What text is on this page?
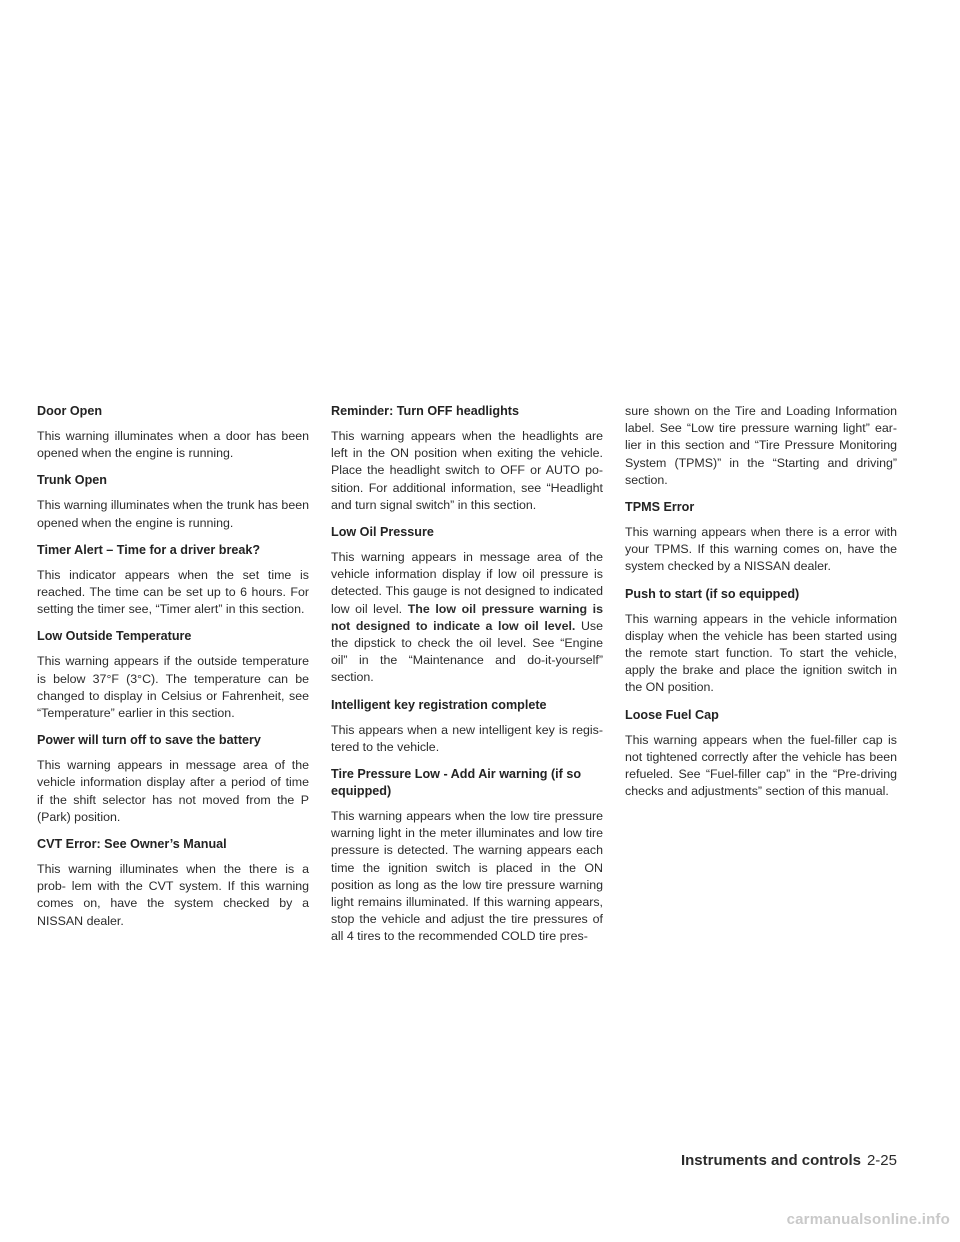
Door Open

This warning illuminates when a door has been opened when the engine is running.

Trunk Open

This warning illuminates when the trunk has been opened when the engine is running.

Timer Alert – Time for a driver break?

This indicator appears when the set time is reached. The time can be set up to 6 hours. For setting the timer see, “Timer alert” in this section.

Low Outside Temperature

This warning appears if the outside temperature is below 37°F (3°C). The temperature can be changed to display in Celsius or Fahrenheit, see “Temperature” earlier in this section.

Power will turn off to save the battery

This warning appears in message area of the vehicle information display after a period of time if the shift selector has not moved from the P (Park) position.

CVT Error: See Owner’s Manual

This warning illuminates when the there is a prob- lem with the CVT system. If this warning comes on, have the system checked by a NISSAN dealer.

Reminder: Turn OFF headlights

This warning appears when the headlights are left in the ON position when exiting the vehicle. Place the headlight switch to OFF or AUTO po- sition. For additional information, see “Headlight and turn signal switch” in this section.

Low Oil Pressure

This warning appears in message area of the vehicle information display if low oil pressure is detected. This gauge is not designed to indicated low oil level. The low oil pressure warning is not designed to indicate a low oil level. Use the dipstick to check the oil level. See “Engine oil” in the “Maintenance and do-it-yourself” section.

Intelligent key registration complete

This appears when a new intelligent key is regis- tered to the vehicle.

Tire Pressure Low - Add Air warning (if so equipped)

This warning appears when the low tire pressure warning light in the meter illuminates and low tire pressure is detected. The warning appears each time the ignition switch is placed in the ON position as long as the low tire pressure warning light remains illuminated. If this warning appears, stop the vehicle and adjust the tire pressures of all 4 tires to the recommended COLD tire pres-

sure shown on the Tire and Loading Information label. See “Low tire pressure warning light” ear- lier in this section and “Tire Pressure Monitoring System (TPMS)” in the “Starting and driving” section.

TPMS Error

This warning appears when there is a error with your TPMS. If this warning comes on, have the system checked by a NISSAN dealer.

Push to start (if so equipped)

This warning appears in the vehicle information display when the vehicle has been started using the remote start function. To start the vehicle, apply the brake and place the ignition switch in the ON position.

Loose Fuel Cap

This warning appears when the fuel-filler cap is not tightened correctly after the vehicle has been refueled. See “Fuel-filler cap” in the “Pre-driving checks and adjustments” section of this manual.

Instruments and controls 2-25
carmanualsonline.info
